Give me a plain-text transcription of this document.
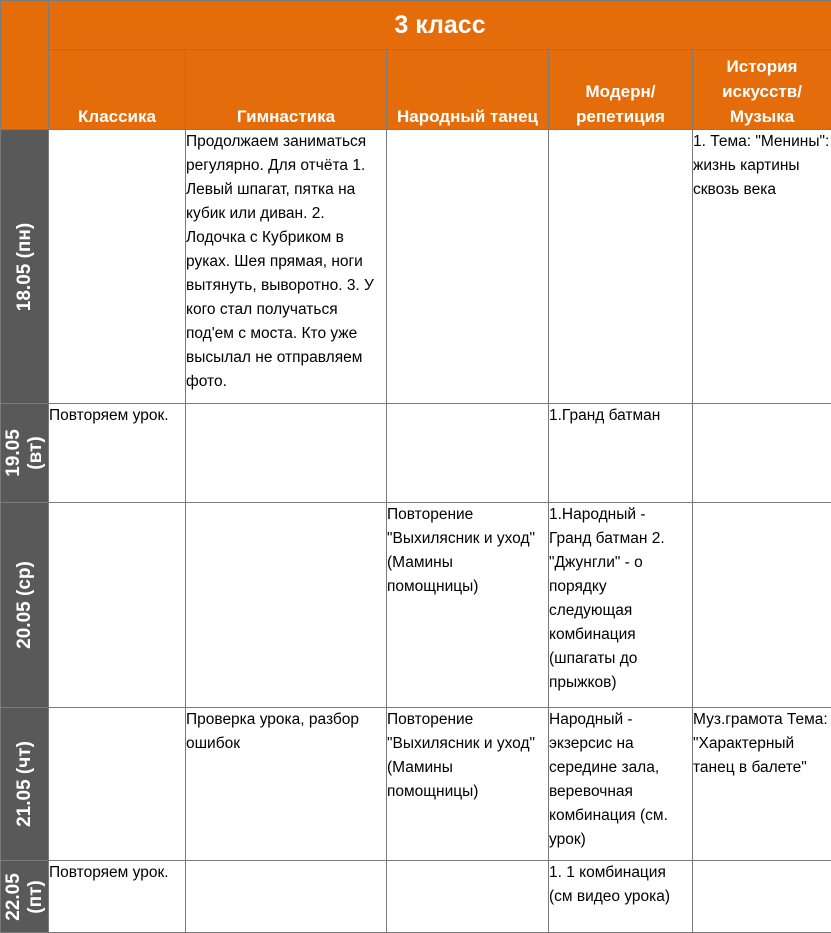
	3 класс				
	Классика	Гимнастика	Народный танец	Модерн/репетиция	История искусств/ Музыка

18.05 (пн)		Продолжаем заниматься регулярно. Для отчёта 1. Левый шпагат, пятка на кубик или диван. 2. Лодочка с Кубриком в руках. Шея прямая, ноги вытянуть, выворотно. 3. У кого стал получаться под'ем с моста. Кто уже высылал не отправляем фото.			1. Тема: "Менины": жизнь картины сквозь века

19.05 (вт)	Повторяем урок.			1.Гранд батман	

20.05 (ср)			Повторение "Выхилясник и уход" (Мамины помощницы)	1.Народный - Гранд батман 2. "Джунгли" - о порядку следующая комбинация (шпагаты до прыжков)	

21.05 (чт)		Проверка урока, разбор ошибок	Повторение "Выхилясник и уход" (Мамины помощницы)	Народный - экзерсис на середине зала, веревочная комбинация (см. урок)	Муз.грамота Тема: "Характерный танец в балете"

22.05 (пт)	Повторяем урок.			1. 1 комбинация (см видео урока)	
